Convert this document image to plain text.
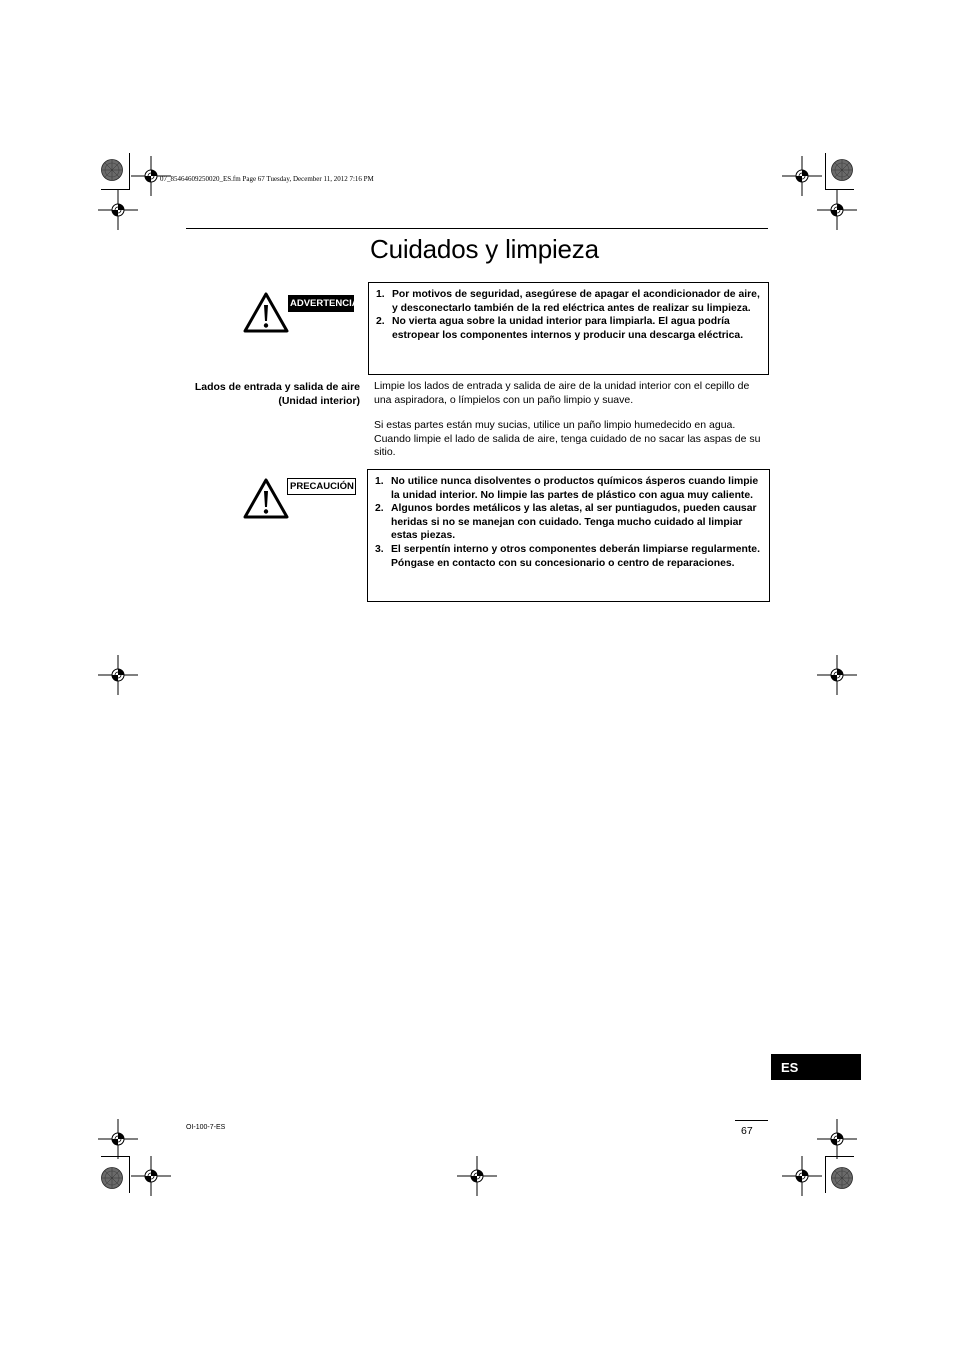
07_85464609250020_ES.fm Page 67 Tuesday, December 11, 2012 7:16 PM
Cuidados y limpieza
ADVERTENCIA
1. Por motivos de seguridad, asegúrese de apagar el acondicionador de aire, y desconectarlo también de la red eléctrica antes de realizar su limpieza.
2. No vierta agua sobre la unidad interior para limpiarla. El agua podría estropear los componentes internos y producir una descarga eléctrica.
Lados de entrada y salida de aire (Unidad interior)

Limpie los lados de entrada y salida de aire de la unidad interior con el cepillo de una aspiradora, o límpielos con un paño limpio y suave.

Si estas partes están muy sucias, utilice un paño limpio humedecido en agua. Cuando limpie el lado de salida de aire, tenga cuidado de no sacar las aspas de su sitio.

PRECAUCIÓN 1. No utilice nunca disolventes o productos químicos ásperos cuando limpie la unidad interior. No limpie las partes de plástico con agua muy caliente.
2. Algunos bordes metálicos y las aletas, al ser puntiagudos, pueden causar heridas si no se manejan con cuidado. Tenga mucho cuidado al limpiar estas piezas.
3. El serpentín interno y otros componentes deberán limpiarse regularmente. Póngase en contacto con su concesionario o centro de reparaciones.
ES
OI-100-7-ES	67
